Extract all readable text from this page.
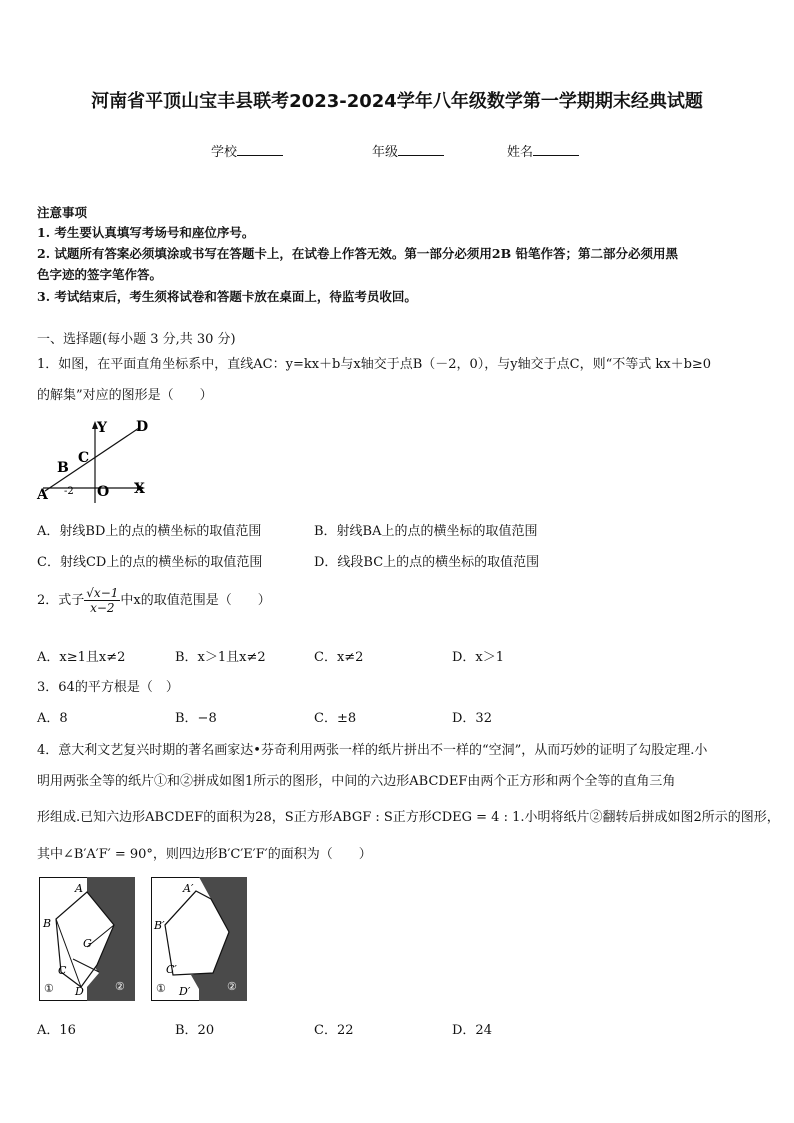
河南省平顶山宝丰县联考2023-2024学年八年级数学第一学期期末经典试题
学校	年级	姓名
注意事项
1. 考生要认真填写考场号和座位序号。
2. 试题所有答案必须填涂或书写在答题卡上，在试卷上作答无效。第一部分必须用2B 铅笔作答；第二部分必须用黑
色字迹的签字笔作答。
3. 考试结束后，考生须将试卷和答题卡放在桌面上，待监考员收回。
一、选择题(每小题 3 分,共 30 分)
1．如图，在平面直角坐标系中，直线AC：y=kx＋b与x轴交于点B（－2，0），与y轴交于点C，则“不等式 kx＋b≥0
的解集”对应的图形是（　　）
A
B
C
D
Y
X
O
-2
A．射线BD上的点的横坐标的取值范围	B．射线BA上的点的横坐标的取值范围
C．射线CD上的点的横坐标的取值范围	D．线段BC上的点的横坐标的取值范围
2．式子 $\frac{√x-1}{x-2}$ 中x的取值范围是（　　）
A．x≥1且x≠2	B．x＞1且x≠2	C．x≠2	D．x＞1
3．64的平方根是（　）
A．8	B．−8	C．±8	D．32
4．意大利文艺复兴时期的著名画家达•芬奇利用两张一样的纸片拼出不一样的“空洞”，从而巧妙的证明了勾股定理.小
明用两张全等的纸片①和②拼成如图1所示的图形，中间的六边形ABCDEF由两个正方形和两个全等的直角三角
形组成.已知六边形ABCDEF的面积为28，S正方形ABGF : S正方形CDEG = 4 : 1.小明将纸片②翻转后拼成如图2所示的图形，
其中∠B′A′F′ = 90°，则四边形B′C′E′F′的面积为（　　）
A
B
G
C
D
①	②
A′
B′
C′
D′
①	②
A．16	B．20	C．22	D．24
